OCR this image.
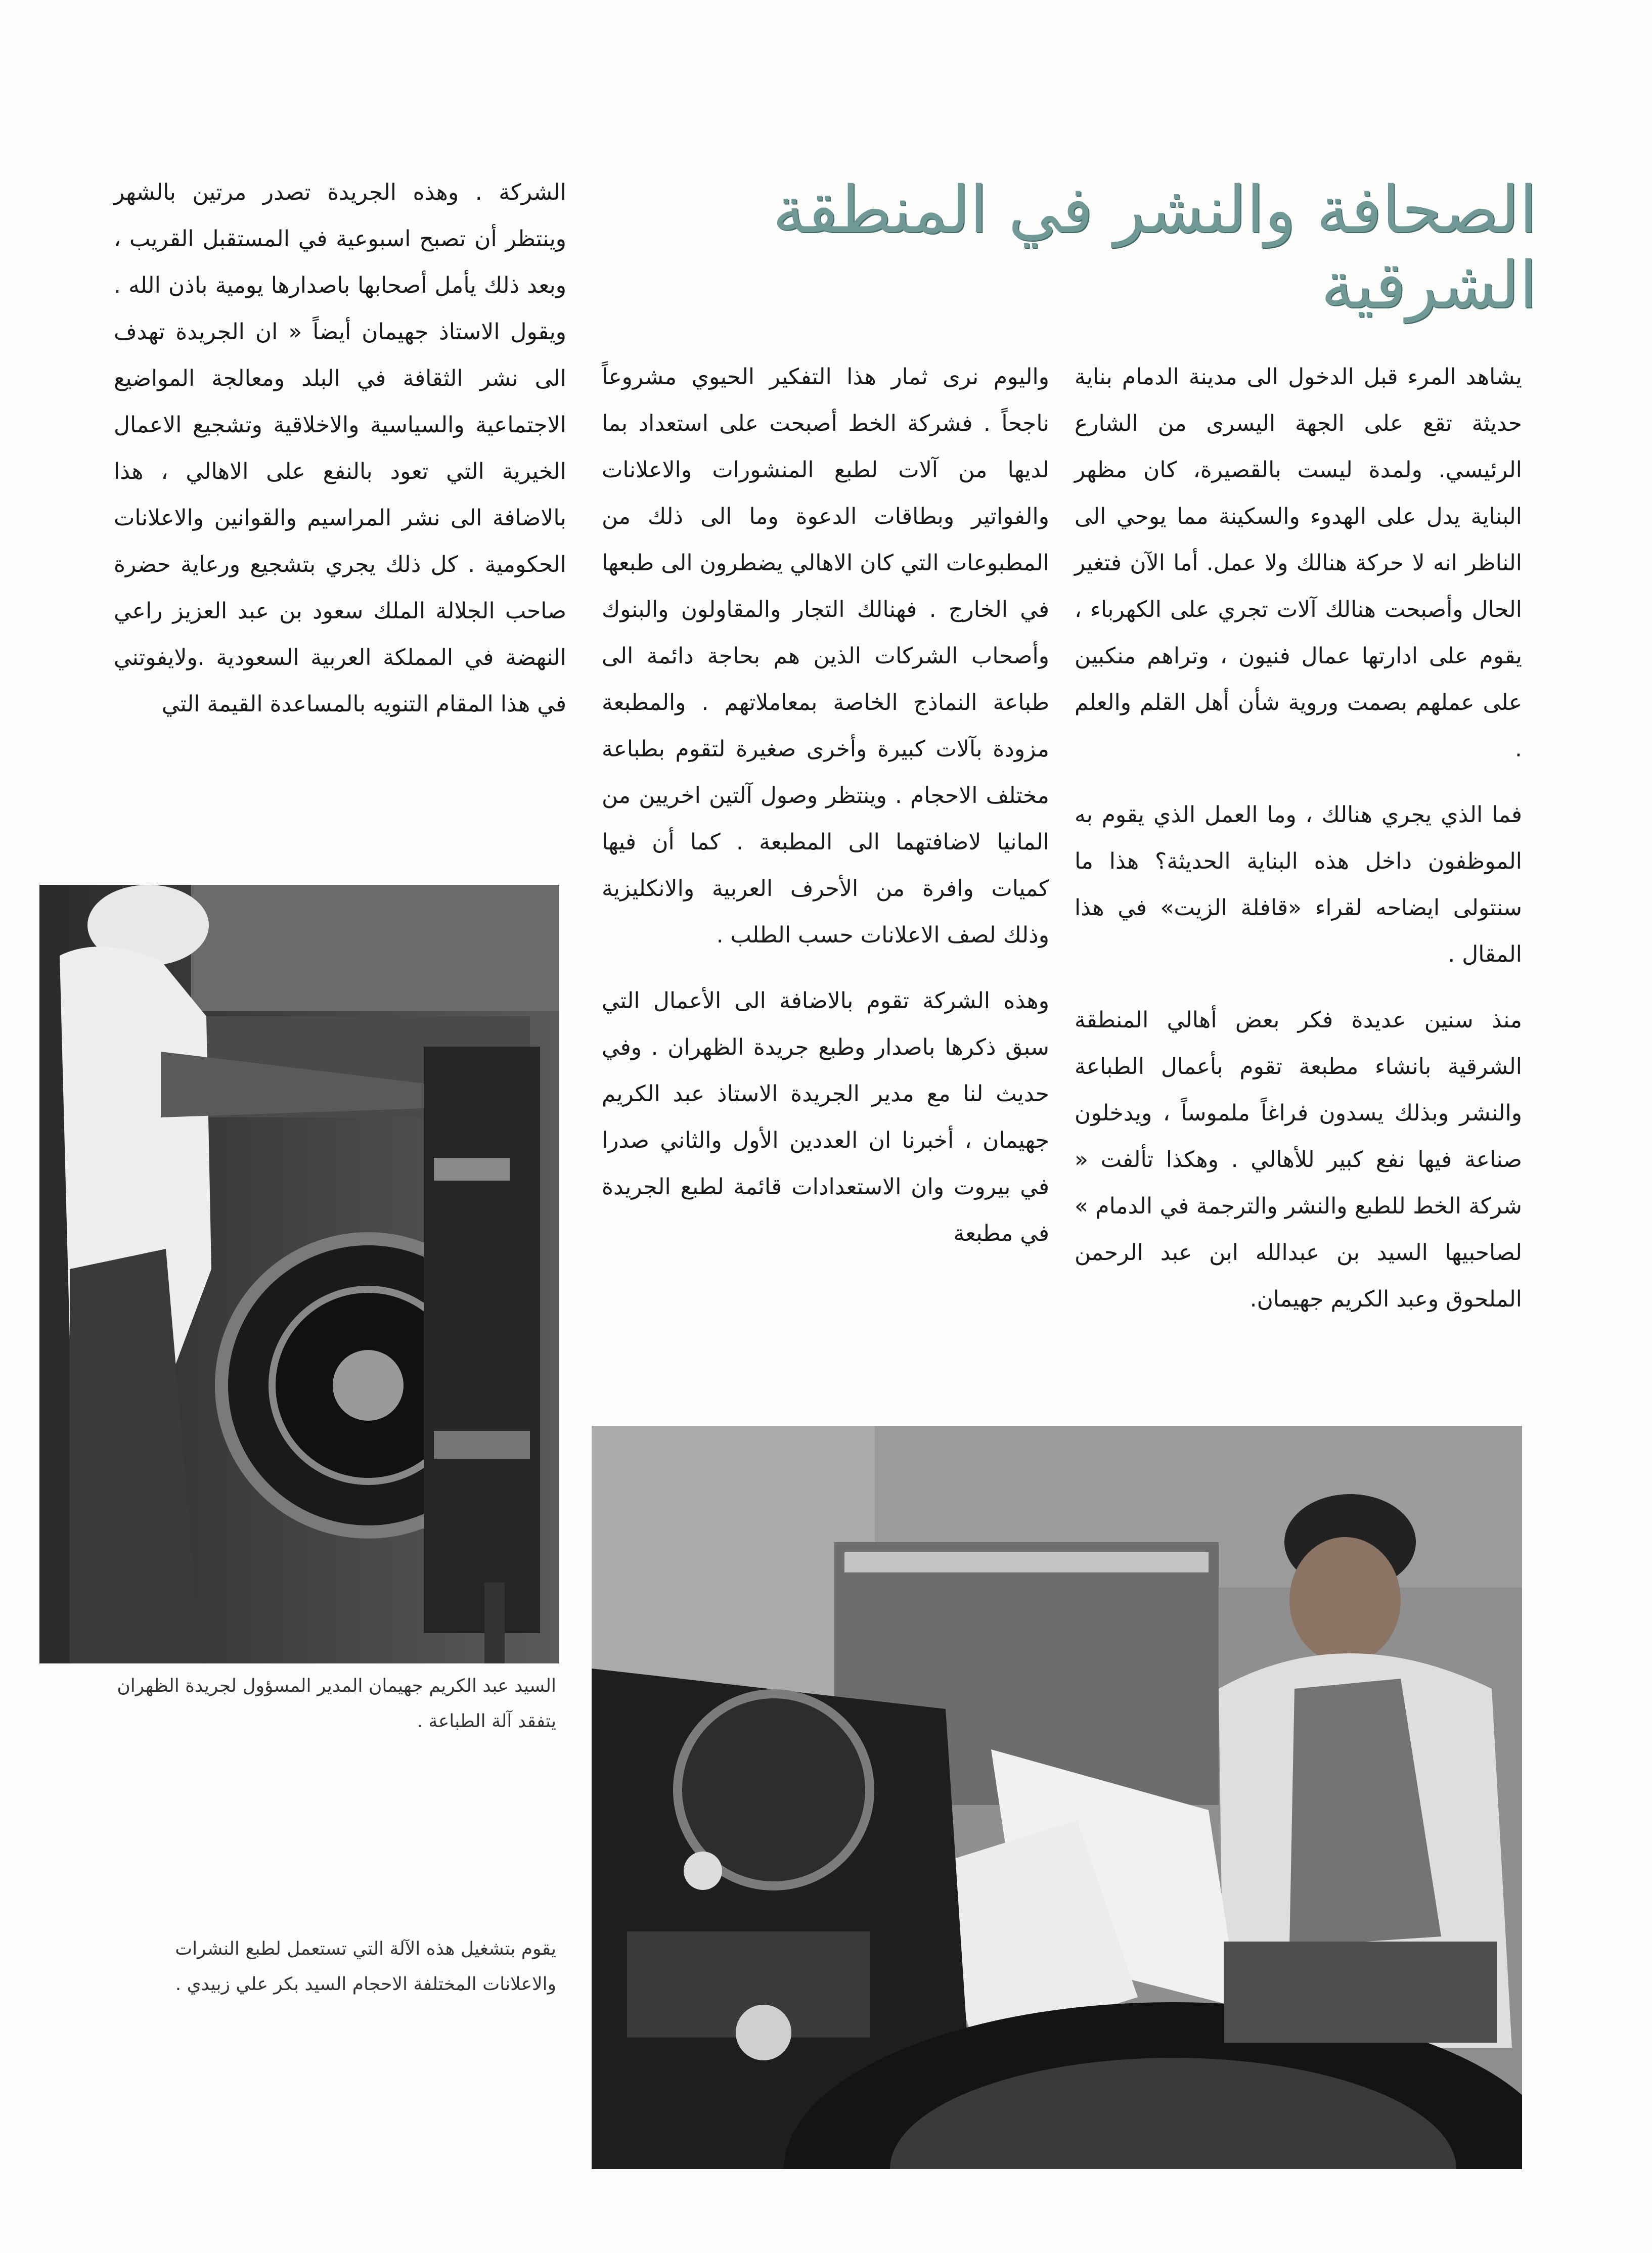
الصحافة والنشر في المنطقة الشرقية

يشاهد المرء قبل الدخول الى مدينة الدمام بناية حديثة تقع على الجهة اليسرى من الشارع الرئيسي. ولمدة ليست بالقصيرة، كان مظهر البناية يدل على الهدوء والسكينة مما يوحي الى الناظر انه لا حركة هنالك ولا عمل. أما الآن فتغير الحال وأصبحت هنالك آلات تجري على الكهرباء ، يقوم على ادارتها عمال فنيون ، وتراهم منكبين على عملهم بصمت وروية شأن أهل القلم والعلم .

فما الذي يجري هنالك ، وما العمل الذي يقوم به الموظفون داخل هذه البناية الحديثة؟ هذا ما سنتولى ايضاحه لقراء «قافلة الزيت» في هذا المقال .

منذ سنين عديدة فكر بعض أهالي المنطقة الشرقية بانشاء مطبعة تقوم بأعمال الطباعة والنشر وبذلك يسدون فراغاً ملموساً ، ويدخلون صناعة فيها نفع كبير للأهالي . وهكذا تألفت « شركة الخط للطبع والنشر والترجمة في الدمام » لصاحبيها السيد بن عبدالله ابن عبد الرحمن الملحوق وعبد الكريم جهيمان.

واليوم نرى ثمار هذا التفكير الحيوي مشروعاً ناجحاً . فشركة الخط أصبحت على استعداد بما لديها من آلات لطبع المنشورات والاعلانات والفواتير وبطاقات الدعوة وما الى ذلك من المطبوعات التي كان الاهالي يضطرون الى طبعها في الخارج . فهنالك التجار والمقاولون والبنوك وأصحاب الشركات الذين هم بحاجة دائمة الى طباعة النماذج الخاصة بمعاملاتهم . والمطبعة مزودة بآلات كبيرة وأخرى صغيرة لتقوم بطباعة مختلف الاحجام . وينتظر وصول آلتين اخريين من المانيا لاضافتهما الى المطبعة . كما أن فيها كميات وافرة من الأحرف العربية والانكليزية وذلك لصف الاعلانات حسب الطلب .

وهذه الشركة تقوم بالاضافة الى الأعمال التي سبق ذكرها باصدار وطبع جريدة الظهران . وفي حديث لنا مع مدير الجريدة الاستاذ عبد الكريم جهيمان ، أخبرنا ان العددين الأول والثاني صدرا في بيروت وان الاستعدادات قائمة لطبع الجريدة في مطبعة

الشركة . وهذه الجريدة تصدر مرتين بالشهر وينتظر أن تصبح اسبوعية في المستقبل القريب ، وبعد ذلك يأمل أصحابها باصدارها يومية باذن الله . ويقول الاستاذ جهيمان أيضاً « ان الجريدة تهدف الى نشر الثقافة في البلد ومعالجة المواضيع الاجتماعية والسياسية والاخلاقية وتشجيع الاعمال الخيرية التي تعود بالنفع على الاهالي ، هذا بالاضافة الى نشر المراسيم والقوانين والاعلانات الحكومية . كل ذلك يجري بتشجيع ورعاية حضرة صاحب الجلالة الملك سعود بن عبد العزيز راعي النهضة في المملكة العربية السعودية .ولايفوتني في هذا المقام التنويه بالمساعدة القيمة التي

السيد عبد الكريم جهيمان المدير المسؤول لجريدة الظهران يتفقد آلة الطباعة .
يقوم بتشغيل هذه الآلة التي تستعمل لطبع النشرات والاعلانات المختلفة الاحجام السيد بكر علي زبيدي .
